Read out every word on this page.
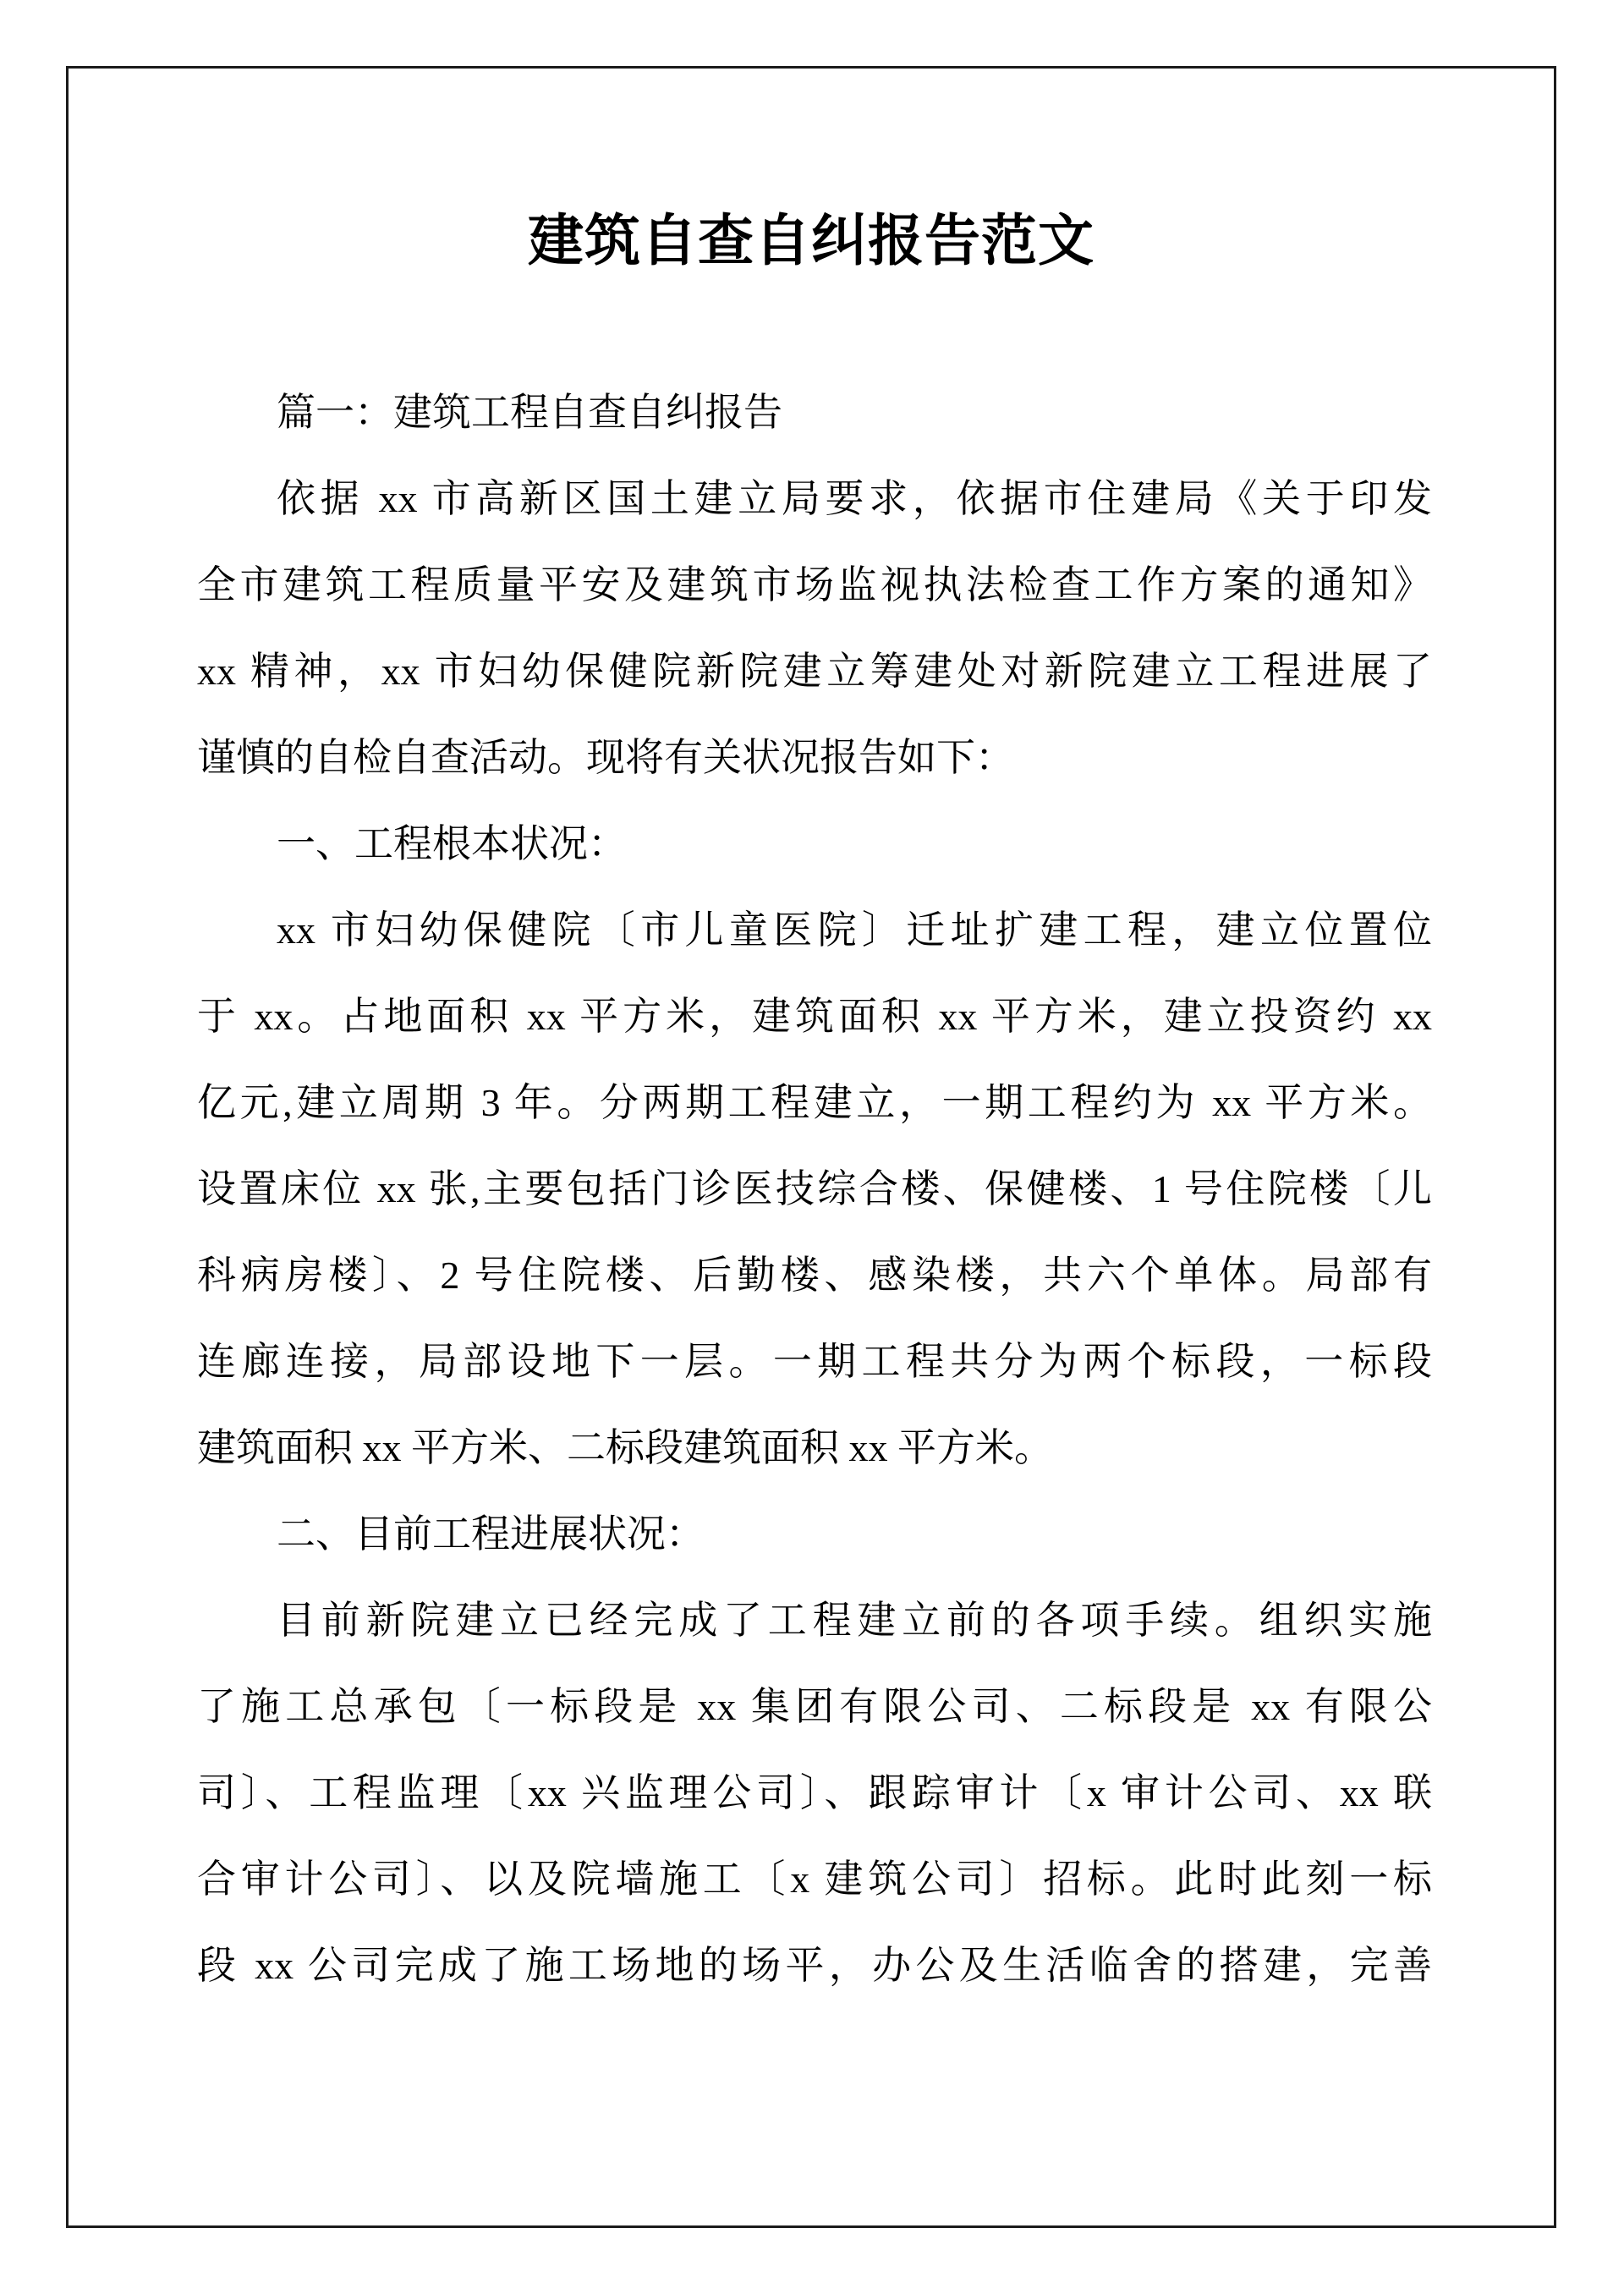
建筑自查自纠报告范文
篇一：建筑工程自查自纠报告
依据 xx 市高新区国土建立局要求，依据市住建局《关于印发
全市建筑工程质量平安及建筑市场监视执法检查工作方案的通知》
xx 精神，xx 市妇幼保健院新院建立筹建处对新院建立工程进展了
谨慎的自检自查活动。现将有关状况报告如下：
一、工程根本状况：
xx 市妇幼保健院〔市儿童医院〕迁址扩建工程，建立位置位
于 xx。占地面积 xx 平方米，建筑面积 xx 平方米，建立投资约 xx
亿元,建立周期 3 年。分两期工程建立，一期工程约为 xx 平方米。
设置床位 xx 张,主要包括门诊医技综合楼、保健楼、1 号住院楼〔儿
科病房楼〕、2 号住院楼、后勤楼、感染楼，共六个单体。局部有
连廊连接，局部设地下一层。一期工程共分为两个标段，一标段
建筑面积 xx 平方米、二标段建筑面积 xx 平方米。
二、目前工程进展状况：
目前新院建立已经完成了工程建立前的各项手续。组织实施
了施工总承包〔一标段是 xx 集团有限公司、二标段是 xx 有限公
司〕、工程监理〔xx 兴监理公司〕、跟踪审计〔x 审计公司、xx 联
合审计公司〕、以及院墙施工〔x 建筑公司〕招标。此时此刻一标
段 xx 公司完成了施工场地的场平，办公及生活临舍的搭建，完善
